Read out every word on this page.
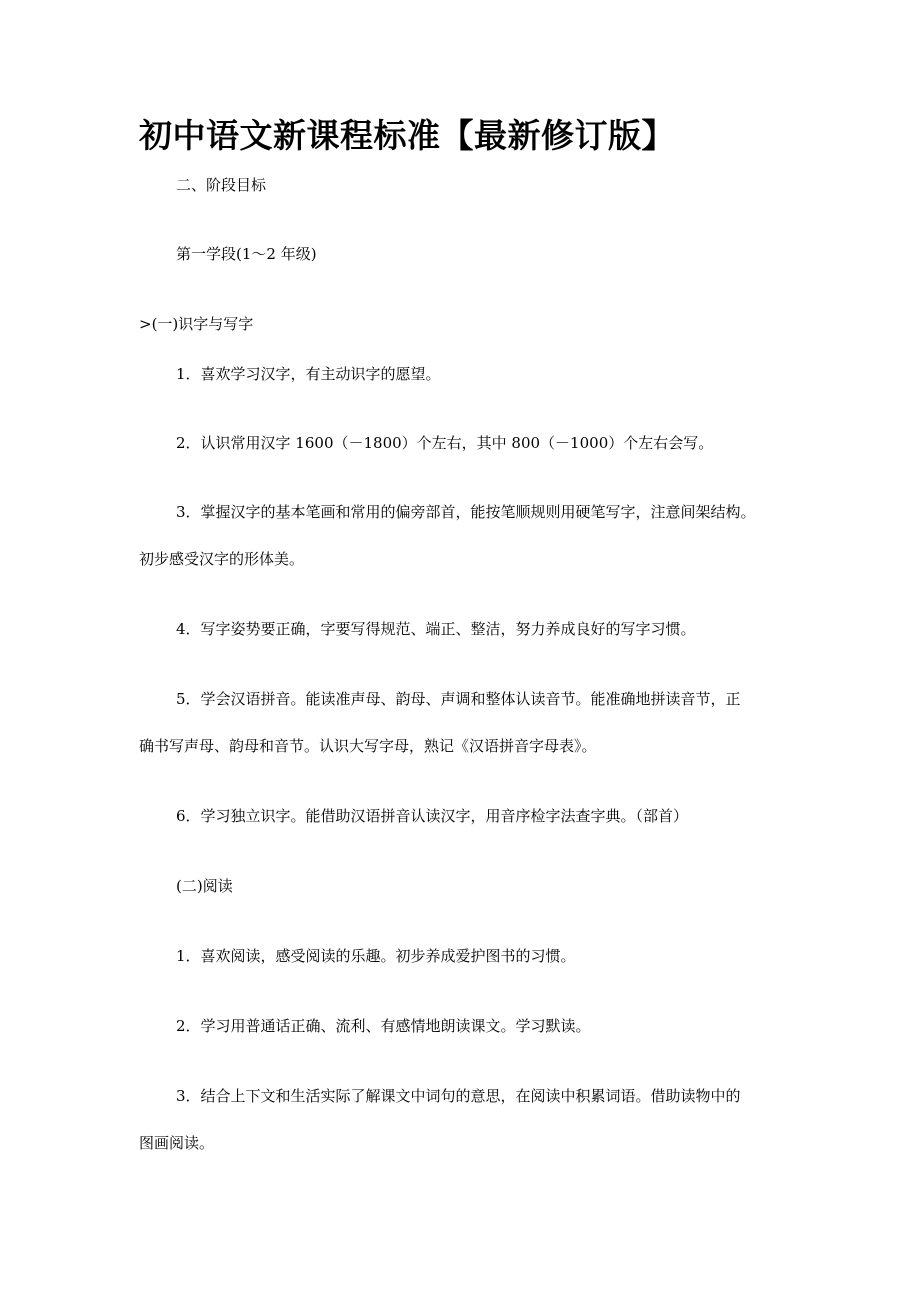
初中语文新课程标准【最新修订版】

二、阶段目标

第一学段(1～2 年级)

>(一)识字与写字

1．喜欢学习汉字，有主动识字的愿望。

2．认识常用汉字 1600（－1800）个左右，其中 800（－1000）个左右会写。

3．掌握汉字的基本笔画和常用的偏旁部首，能按笔顺规则用硬笔写字，注意间架结构。

初步感受汉字的形体美。

4．写字姿势要正确，字要写得规范、端正、整洁，努力养成良好的写字习惯。

5．学会汉语拼音。能读准声母、韵母、声调和整体认读音节。能准确地拼读音节，正

确书写声母、韵母和音节。认识大写字母，熟记《汉语拼音字母表》。

6．学习独立识字。能借助汉语拼音认读汉字，用音序检字法查字典。（部首）

(二)阅读

1．喜欢阅读，感受阅读的乐趣。初步养成爱护图书的习惯。

2．学习用普通话正确、流利、有感情地朗读课文。学习默读。

3．结合上下文和生活实际了解课文中词句的意思，在阅读中积累词语。借助读物中的

图画阅读。
